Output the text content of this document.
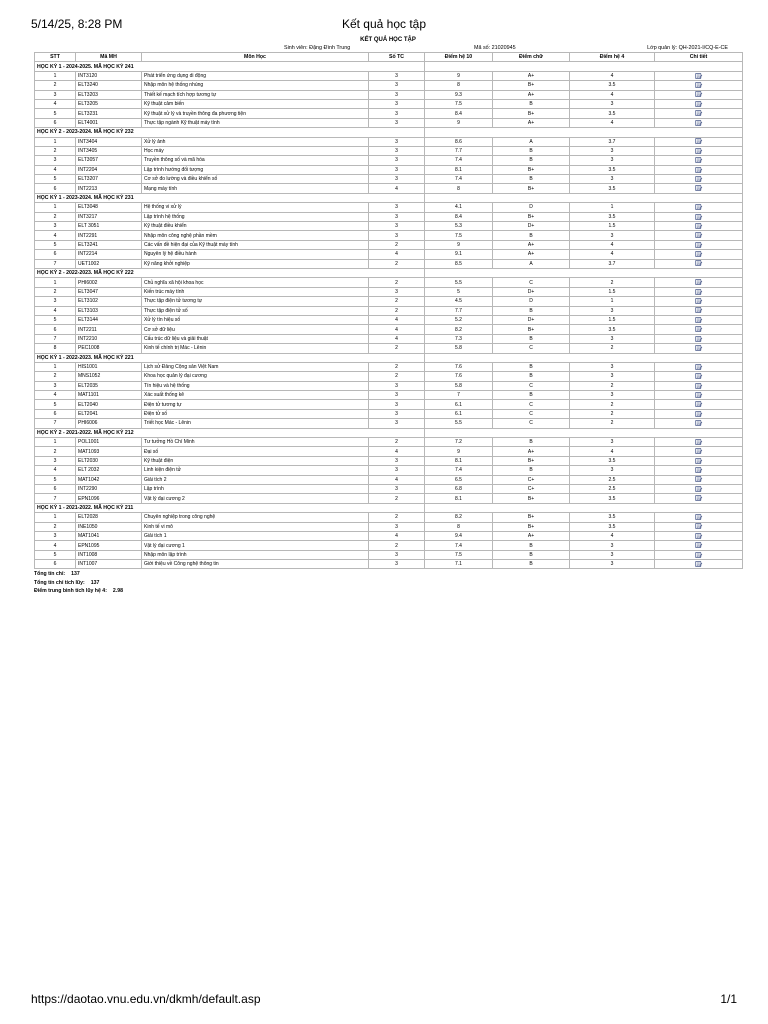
5/14/25, 8:28 PM	Kết quả học tập
KẾT QUẢ HỌC TẬP
Sinh viên: Đặng Đình Trung	Mã số: 21020945	Lớp quản lý: QH-2021-I/CQ-E-CE
STT	Mã MH	Môn Học	Số TC	Điểm hệ 10	Điểm chữ	Điểm hệ 4	Chi tiết
HỌC KỲ 1 - 2024-2025. MÃ HỌC KỲ 241							
1	INT3120	Phát triển ứng dụng di động	3	9	A+	4	
2	ELT3240	Nhập môn hệ thống nhúng	3	8	B+	3.5	
3	ELT3203	Thiết kế mạch tích hợp tương tự	3	9.3	A+	4	
4	ELT3205	Kỹ thuật cảm biến	3	7.5	B	3	
5	ELT3231	Kỹ thuật xử lý và truyền thông đa phương tiện	3	8.4	B+	3.5	
6	ELT4001	Thực tập ngành Kỹ thuật máy tính	3	9	A+	4	
HỌC KỲ 2 - 2023-2024. MÃ HỌC KỲ 232							
1	INT3404	Xử lý ảnh	3	8.6	A	3.7	
2	INT3405	Học máy	3	7.7	B	3	
3	ELT3057	Truyền thông số và mã hóa	3	7.4	B	3	
4	INT2204	Lập trình hướng đối tượng	3	8.1	B+	3.5	
5	ELT3207	Cơ sở đo lường và điều khiển số	3	7.4	B	3	
6	INT2213	Mạng máy tính	4	8	B+	3.5	
HỌC KỲ 1 - 2023-2024. MÃ HỌC KỲ 231							
1	ELT3048	Hệ thống vi xử lý	3	4.1	D	1	
2	INT3217	Lập trình hệ thống	3	8.4	B+	3.5	
3	ELT 3051	Kỹ thuật điều khiển	3	5.3	D+	1.5	
4	INT2291	Nhập môn công nghệ phần mềm	3	7.5	B	3	
5	ELT3241	Các vấn đề hiện đại của Kỹ thuật máy tính	2	9	A+	4	
6	INT2214	Nguyên lý hệ điều hành	4	9.1	A+	4	
7	UET1002	Kỹ năng khởi nghiệp	2	8.5	A	3.7	
HỌC KỲ 2 - 2022-2023. MÃ HỌC KỲ 222							
1	PHI6002	Chủ nghĩa xã hội khoa học	2	5.5	C	2	
2	ELT3047	Kiến trúc máy tính	3	5	D+	1.5	
3	ELT3102	Thực tập điện tử tương tự	2	4.5	D	1	
4	ELT3103	Thực tập điện tử số	2	7.7	B	3	
5	ELT3144	Xử lý tín hiệu số	4	5.2	D+	1.5	
6	INT2211	Cơ sở dữ liệu	4	8.2	B+	3.5	
7	INT2210	Cấu trúc dữ liệu và giải thuật	4	7.3	B	3	
8	PEC1008	Kinh tế chính trị Mác - Lênin	2	5.8	C	2	
HỌC KỲ 1 - 2022-2023. MÃ HỌC KỲ 221							
1	HIS1001	Lịch sử Đảng Cộng sản Việt Nam	2	7.6	B	3	
2	MNS1052	Khoa học quản lý đại cương	2	7.6	B	3	
3	ELT2035	Tín hiệu và hệ thống	3	5.8	C	2	
4	MAT1101	Xác suất thống kê	3	7	B	3	
5	ELT2040	Điện tử tương tự	3	6.1	C	2	
6	ELT2041	Điện tử số	3	6.1	C	2	
7	PHI6006	Triết học Mác - Lênin	3	5.5	C	2	
HỌC KỲ 2 - 2021-2022. MÃ HỌC KỲ 212							
1	POL1001	Tư tưởng Hồ Chí Minh	2	7.2	B	3	
2	MAT1093	Đại số	4	9	A+	4	
3	ELT2030	Kỹ thuật điện	3	8.1	B+	3.5	
4	ELT 2032	Linh kiện điện tử	3	7.4	B	3	
5	MAT1042	Giải tích 2	4	6.5	C+	2.5	
6	INT2290	Lập trình	3	6.8	C+	2.5	
7	EPN1096	Vật lý đại cương 2	2	8.1	B+	3.5	
HỌC KỲ 1 - 2021-2022. MÃ HỌC KỲ 211							
1	ELT2028	Chuyên nghiệp trong công nghệ	2	8.2	B+	3.5	
2	INE1050	Kinh tế vi mô	3	8	B+	3.5	
3	MAT1041	Giải tích 1	4	9.4	A+	4	
4	EPN1095	Vật lý đại cương 1	2	7.4	B	3	
5	INT1008	Nhập môn lập trình	3	7.5	B	3	
6	INT1007	Giới thiệu về Công nghệ thông tin	3	7.1	B	3	
Tổng tín chỉ: 137
Tổng tín chỉ tích lũy: 137
Điểm trung bình tích lũy hệ 4: 2.98
https://daotao.vnu.edu.vn/dkmh/default.asp	1/1
